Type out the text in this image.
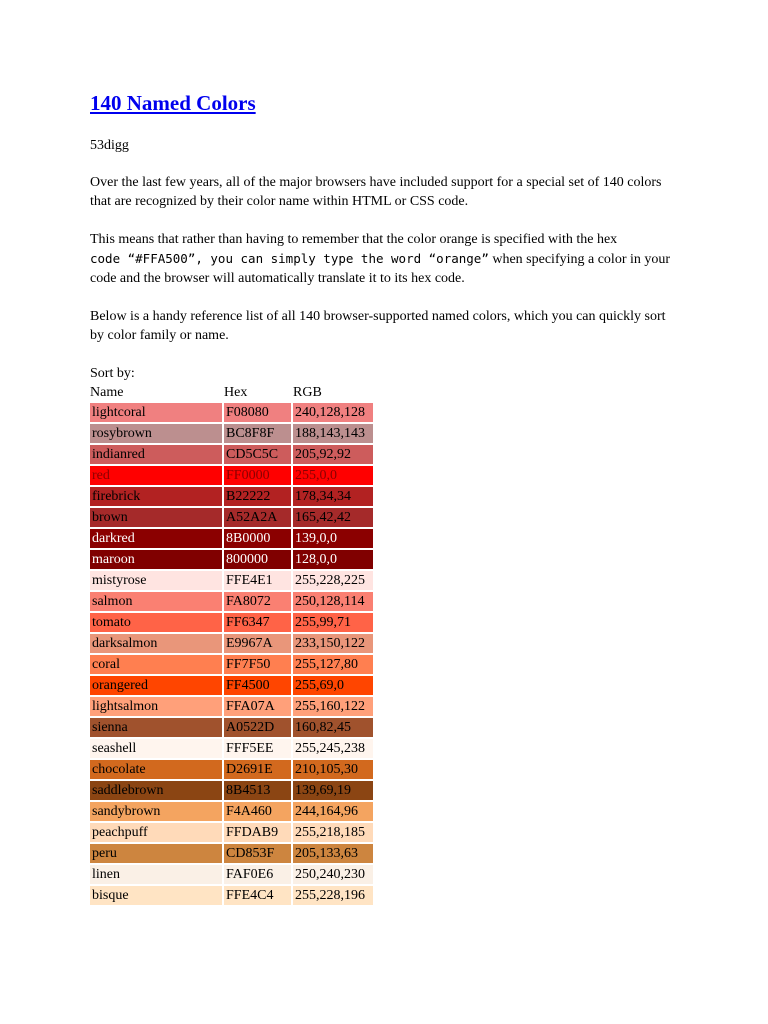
140 Named Colors

53digg

Over the last few years, all of the major browsers have included support for a special set of 140 colors that are recognized by their color name within HTML or CSS code.

This means that rather than having to remember that the color orange is specified with the hex
code “#FFA500”, you can simply type the word “orange” when specifying a color in your code and the browser will automatically translate it to its hex code.

Below is a handy reference list of all 140 browser-supported named colors, which you can quickly sort by color family or name.

Sort by:
Name	Hex	RGB
lightcoral	F08080	240,128,128
rosybrown	BC8F8F	188,143,143
indianred	CD5C5C	205,92,92
red	FF0000	255,0,0
firebrick	B22222	178,34,34
brown	A52A2A	165,42,42
darkred	8B0000	139,0,0
maroon	800000	128,0,0
mistyrose	FFE4E1	255,228,225
salmon	FA8072	250,128,114
tomato	FF6347	255,99,71
darksalmon	E9967A	233,150,122
coral	FF7F50	255,127,80
orangered	FF4500	255,69,0
lightsalmon	FFA07A	255,160,122
sienna	A0522D	160,82,45
seashell	FFF5EE	255,245,238
chocolate	D2691E	210,105,30
saddlebrown	8B4513	139,69,19
sandybrown	F4A460	244,164,96
peachpuff	FFDAB9	255,218,185
peru	CD853F	205,133,63
linen	FAF0E6	250,240,230
bisque	FFE4C4	255,228,196
